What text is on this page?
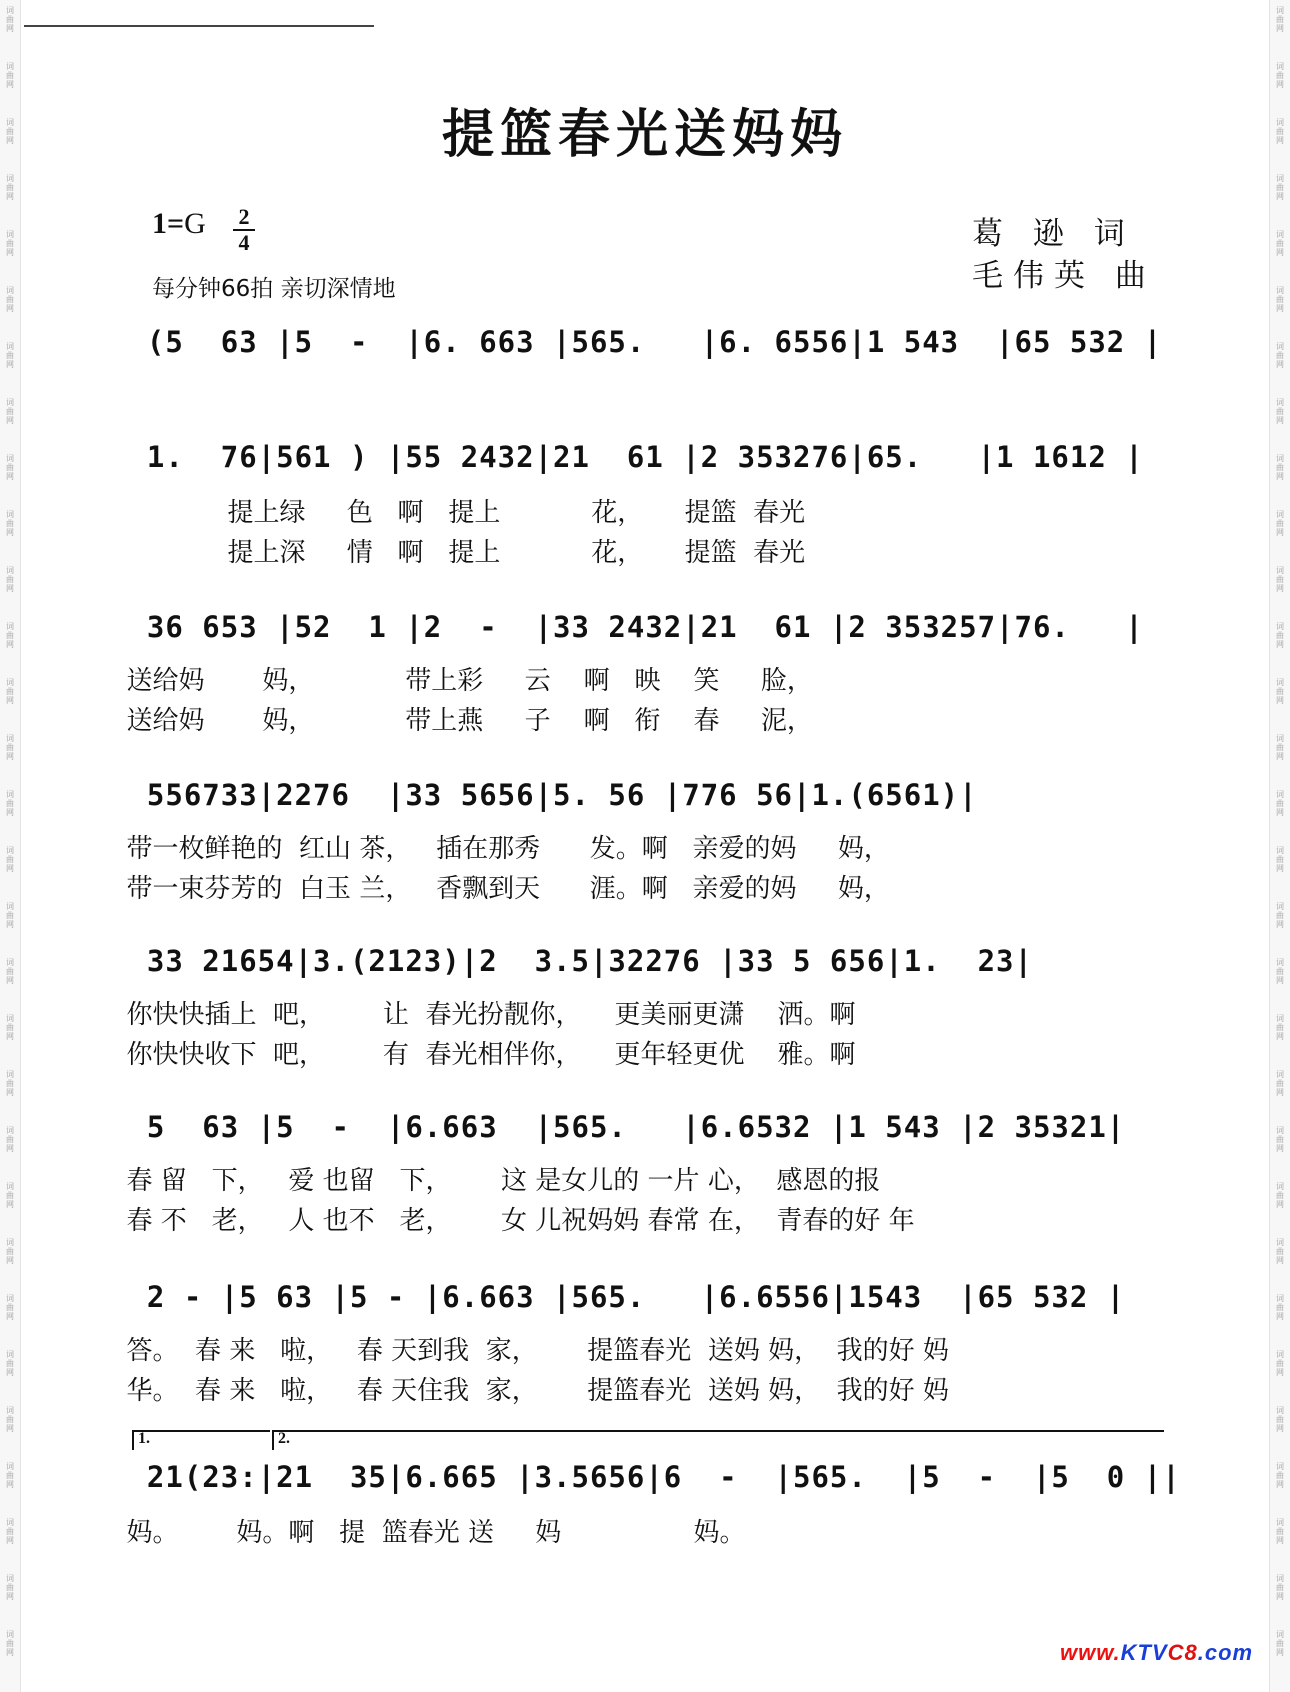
词曲网
词曲网
词曲网
词曲网
词曲网
词曲网
词曲网
词曲网
词曲网
词曲网
词曲网
词曲网
词曲网
词曲网
词曲网
词曲网
词曲网
词曲网
词曲网
词曲网
词曲网
词曲网
词曲网
词曲网
词曲网
词曲网
词曲网
词曲网
词曲网
词曲网
词曲网
词曲网
词曲网
词曲网
词曲网
词曲网
词曲网
词曲网
词曲网
词曲网
词曲网
词曲网
词曲网
词曲网
词曲网
词曲网
词曲网
词曲网
词曲网
词曲网
词曲网
词曲网
词曲网
词曲网
词曲网
词曲网
词曲网
词曲网
词曲网
词曲网
提篮春光送妈妈
1=G 2
4
每分钟66拍 亲切深情地
葛 逊 词
毛伟英 曲
(5  63 |5  -  |6. 663 |565.   |6. 6556|1 543  |65 532 |
1.  76|561 ) |55 2432|21  61 |2 353276|65.   |1 1612 |
提上绿     色   啊   提上           花，     提篮  春光
提上深     情   啊   提上           花，     提篮  春光
36 653 |52  1 |2  -  |33 2432|21  61 |2 353257|76.   |
送给妈       妈，           带上彩     云    啊   映    笑     脸，
送给妈       妈，           带上燕     子    啊   衔    春     泥，
556733|2276  |33 5656|5. 56 |776 56|1.(6561)|
带一枚鲜艳的  红山 茶，   插在那秀      发。啊   亲爱的妈     妈，
带一束芬芳的  白玉 兰，   香飘到天      涯。啊   亲爱的妈     妈，
33 21654|3.(2123)|2  3.5|32276 |33 5 656|1.  23|
你快快插上  吧，       让  春光扮靓你，    更美丽更潇    洒。啊
你快快收下  吧，       有  春光相伴你，    更年轻更优    雅。啊
5  63 |5  -  |6.663  |565.   |6.6532 |1 543 |2 35321|
春 留   下，   爱 也留   下，      这 是女儿的 一片 心，  感恩的报
春 不   老，   人 也不   老，      女 儿祝妈妈 春常 在，  青春的好 年
2 - |5 63 |5 - |6.663 |565.   |6.6556|1543  |65 532 |
答。  春 来   啦，   春 天到我  家，      提篮春光  送妈 妈，  我的好 妈
华。  春 来   啦，   春 天住我  家，      提篮春光  送妈 妈，  我的好 妈
1.	2.
21(23:|21  35|6.665 |3.5656|6  -  |565.  |5  -  |5  0 ||
妈。       妈。啊   提  篮春光 送     妈                妈。
www.KTVC8.com
